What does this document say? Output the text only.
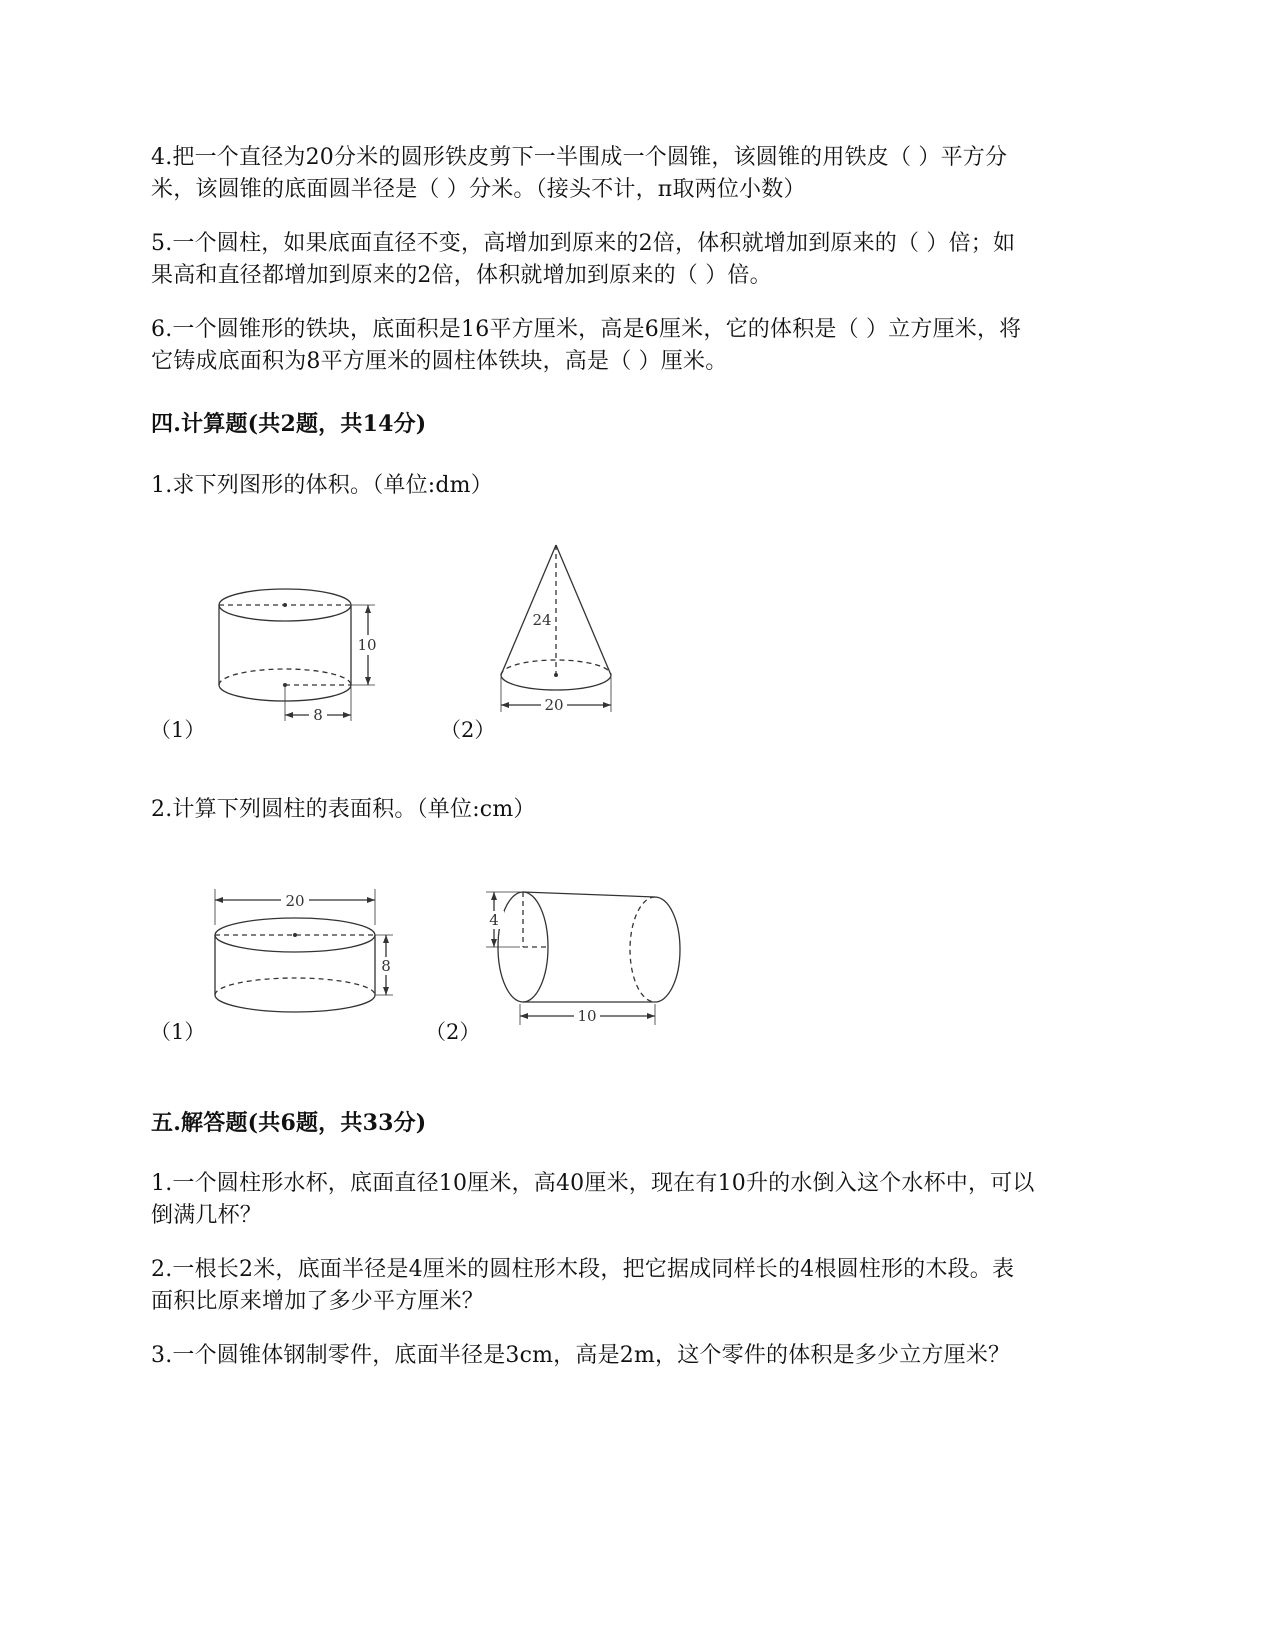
4.把一个直径为20分米的圆形铁皮剪下一半围成一个圆锥，该圆锥的用铁皮（ ）平方分
米，该圆锥的底面圆半径是（ ）分米。（接头不计，π取两位小数）
5.一个圆柱，如果底面直径不变，高增加到原来的2倍，体积就增加到原来的（ ）倍；如
果高和直径都增加到原来的2倍，体积就增加到原来的（ ）倍。
6.一个圆锥形的铁块，底面积是16平方厘米，高是6厘米，它的体积是（ ）立方厘米，将
它铸成底面积为8平方厘米的圆柱体铁块，高是（ ）厘米。
四.计算题(共2题，共14分)
1.求下列图形的体积。（单位:dm）
10
8
（1）
24
20
（2）
2.计算下列圆柱的表面积。（单位:cm）
20
8
（1）
4
10
（2）
五.解答题(共6题，共33分)
1.一个圆柱形水杯，底面直径10厘米，高40厘米，现在有10升的水倒入这个水杯中，可以
倒满几杯？
2.一根长2米，底面半径是4厘米的圆柱形木段，把它据成同样长的4根圆柱形的木段。表
面积比原来增加了多少平方厘米？
3.一个圆锥体钢制零件，底面半径是3cm，高是2m，这个零件的体积是多少立方厘米？
